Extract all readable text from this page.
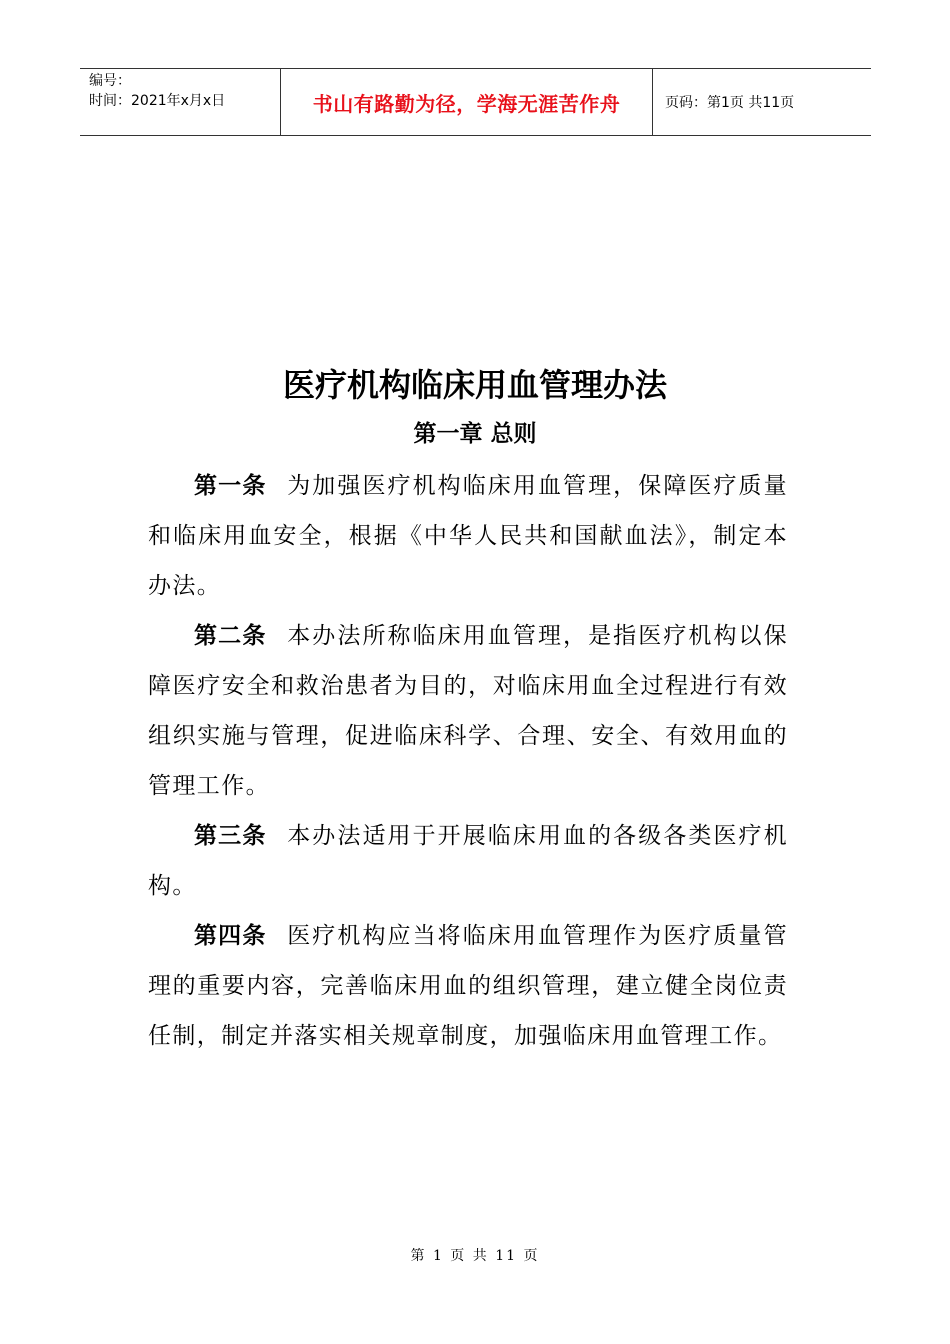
编号：
时间：2021年x月x日	书山有路勤为径，学海无涯苦作舟	页码：第1页 共11页
医疗机构临床用血管理办法
第一章 总则

第一条 为加强医疗机构临床用血管理，保障医疗质量和临床用血安全，根据《中华人民共和国献血法》，制定本办法。

第二条 本办法所称临床用血管理，是指医疗机构以保障医疗安全和救治患者为目的，对临床用血全过程进行有效组织实施与管理，促进临床科学、合理、安全、有效用血的管理工作。

第三条 本办法适用于开展临床用血的各级各类医疗机构。

第四条 医疗机构应当将临床用血管理作为医疗质量管理的重要内容，完善临床用血的组织管理，建立健全岗位责任制，制定并落实相关规章制度，加强临床用血管理工作。

第 1 页 共 11 页
